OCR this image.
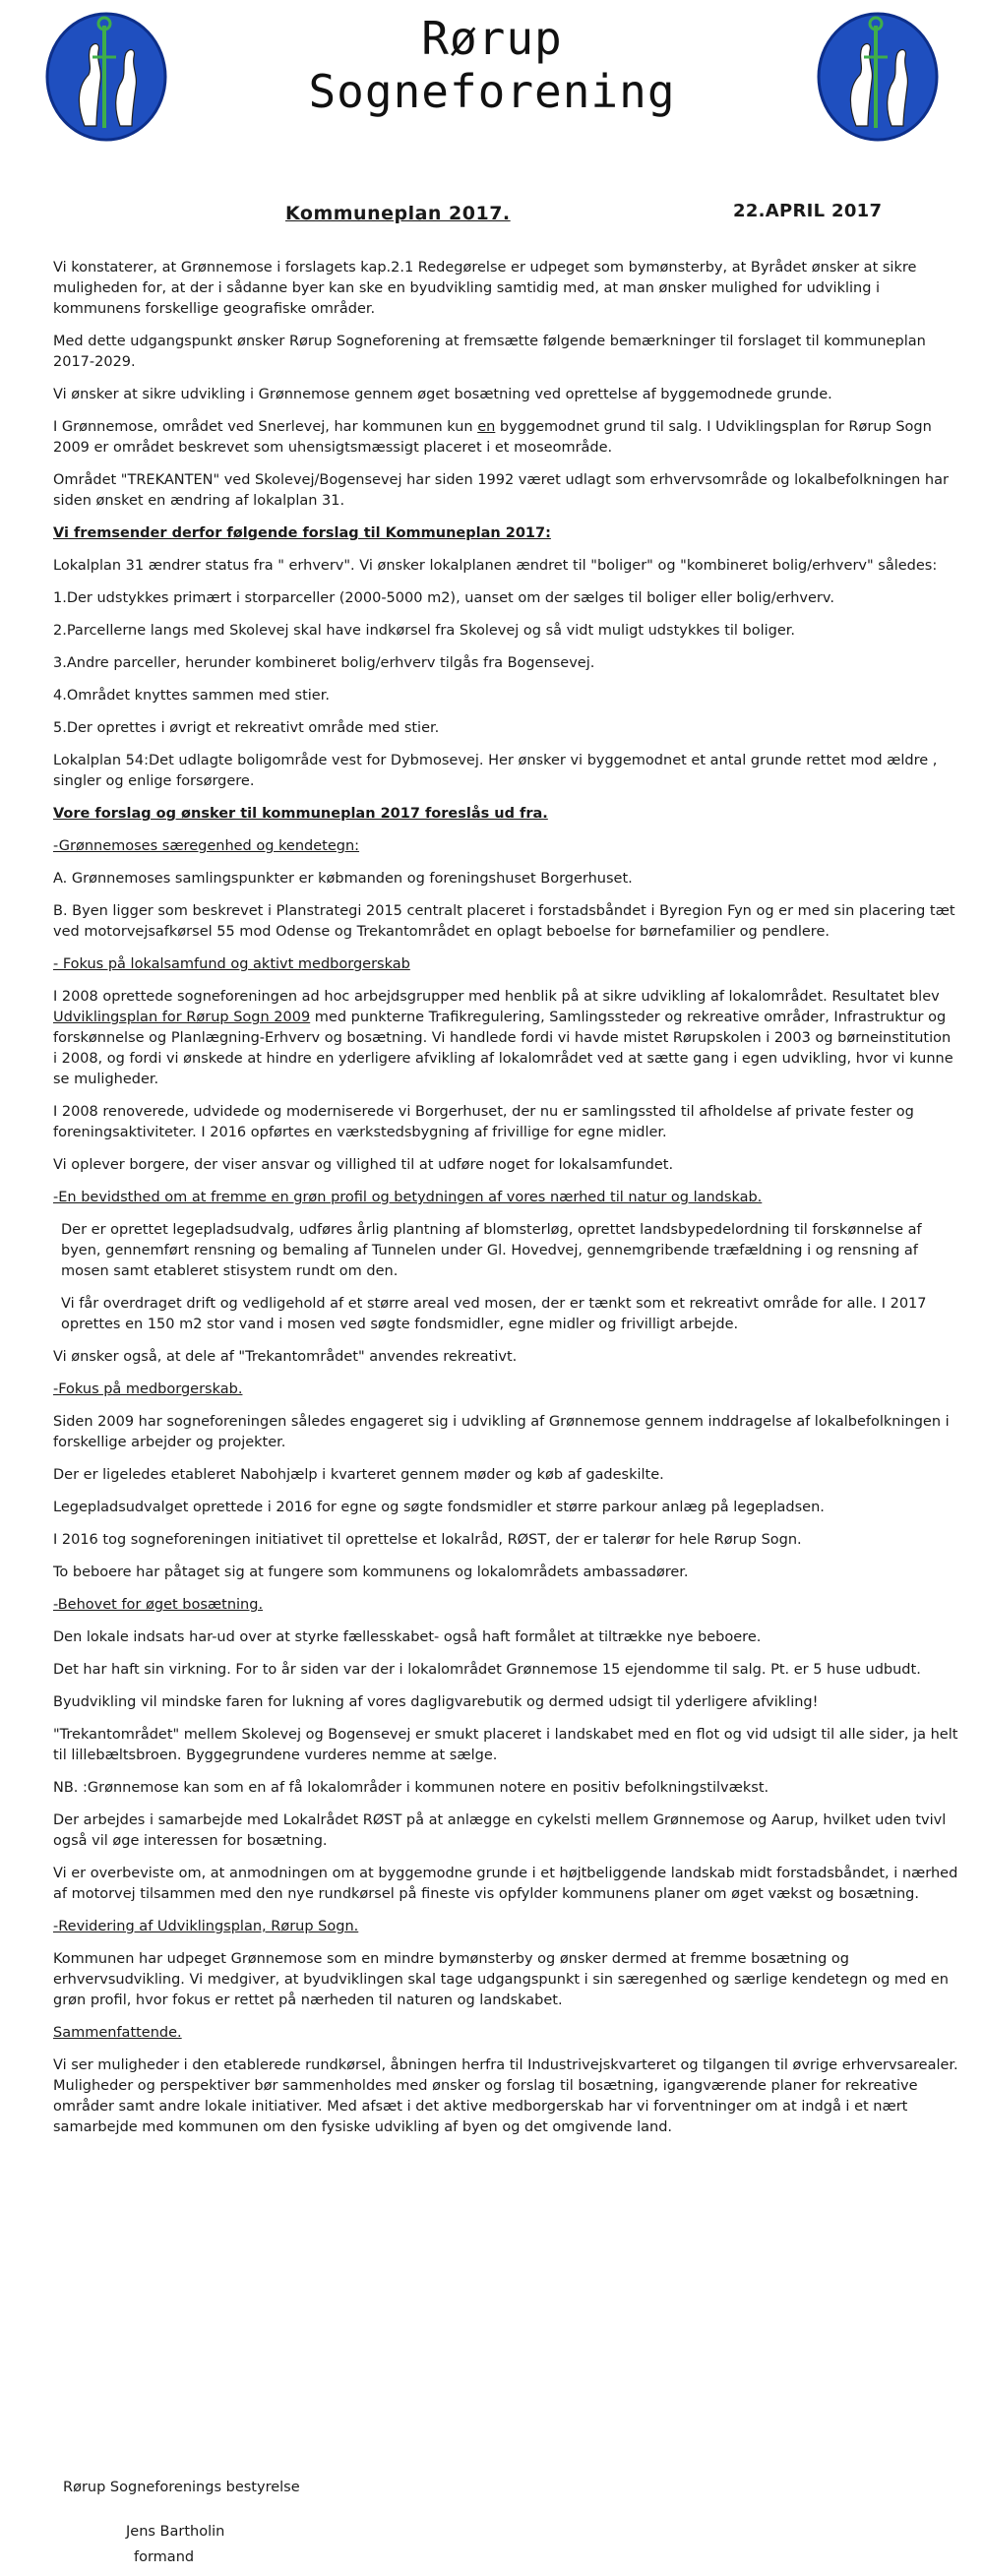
Rørup
Sogneforening
Kommuneplan 2017.	22.APRIL 2017

Vi konstaterer, at Grønnemose i forslagets kap.2.1 Redegørelse er udpeget som bymønsterby, at Byrådet ønsker at sikre muligheden for, at der i sådanne byer kan ske en byudvikling samtidig med, at man ønsker mulighed for udvikling i kommunens forskellige geografiske områder.

Med dette udgangspunkt ønsker Rørup Sogneforening at fremsætte følgende bemærkninger til forslaget til kommuneplan 2017-2029.

Vi ønsker at sikre udvikling i Grønnemose gennem øget bosætning ved oprettelse af byggemodnede grunde.

I Grønnemose, området ved Snerlevej, har kommunen kun en byggemodnet grund til salg. I Udviklingsplan for Rørup Sogn 2009 er området beskrevet som uhensigtsmæssigt placeret i et moseområde.

Området "TREKANTEN" ved Skolevej/Bogensevej har siden 1992 været udlagt som erhvervsområde og lokalbefolkningen har siden ønsket en ændring af lokalplan 31.

Vi fremsender derfor følgende forslag til Kommuneplan 2017:

Lokalplan 31 ændrer status fra " erhverv". Vi ønsker lokalplanen ændret til "boliger" og "kombineret bolig/erhverv" således:

1.Der udstykkes primært i storparceller (2000-5000 m2), uanset om der sælges til boliger eller bolig/erhverv.

2.Parcellerne langs med Skolevej skal have indkørsel fra Skolevej og så vidt muligt udstykkes til boliger.

3.Andre parceller, herunder kombineret bolig/erhverv tilgås fra Bogensevej.

4.Området knyttes sammen med stier.

5.Der oprettes i øvrigt et rekreativt område med stier.

Lokalplan 54:Det udlagte boligområde vest for Dybmosevej. Her ønsker vi byggemodnet et antal grunde rettet mod ældre , singler og enlige forsørgere.

Vore forslag og ønsker til kommuneplan 2017 foreslås ud fra.

-Grønnemoses særegenhed og kendetegn:

A. Grønnemoses samlingspunkter er købmanden og foreningshuset Borgerhuset.

B. Byen ligger som beskrevet i Planstrategi 2015 centralt placeret i forstadsbåndet i Byregion Fyn og er med sin placering tæt ved motorvejsafkørsel 55 mod Odense og Trekantområdet en oplagt beboelse for børnefamilier og pendlere.

- Fokus på lokalsamfund og aktivt medborgerskab

I 2008 oprettede sogneforeningen ad hoc arbejdsgrupper med henblik på at sikre udvikling af lokalområdet. Resultatet blev Udviklingsplan for Rørup Sogn 2009 med punkterne Trafikregulering, Samlingssteder og rekreative områder, Infrastruktur og forskønnelse og Planlægning-Erhverv og bosætning. Vi handlede fordi vi havde mistet Rørupskolen i 2003 og børneinstitution i 2008, og fordi vi ønskede at hindre en yderligere afvikling af lokalområdet ved at sætte gang i egen udvikling, hvor vi kunne se muligheder.

I 2008 renoverede, udvidede og moderniserede vi Borgerhuset, der nu er samlingssted til afholdelse af private fester og foreningsaktiviteter. I 2016 opførtes en værkstedsbygning af frivillige for egne midler.

Vi oplever borgere, der viser ansvar og villighed til at udføre noget for lokalsamfundet.

-En bevidsthed om at fremme en grøn profil og betydningen af vores nærhed til natur og landskab.

Der er oprettet legepladsudvalg, udføres årlig plantning af blomsterløg, oprettet landsbypedelordning til forskønnelse af byen, gennemført rensning og bemaling af Tunnelen under Gl. Hovedvej, gennemgribende træfældning i og rensning af mosen samt etableret stisystem rundt om den.

Vi får overdraget drift og vedligehold af et større areal ved mosen, der er tænkt som et rekreativt område for alle. I 2017 oprettes en 150 m2 stor vand i mosen ved søgte fondsmidler, egne midler og frivilligt arbejde.

Vi ønsker også, at dele af "Trekantområdet" anvendes rekreativt.

-Fokus på medborgerskab.

Siden 2009 har sogneforeningen således engageret sig i udvikling af Grønnemose gennem inddragelse af lokalbefolkningen i forskellige arbejder og projekter.

Der er ligeledes etableret Nabohjælp i kvarteret gennem møder og køb af gadeskilte.

Legepladsudvalget oprettede i 2016 for egne og søgte fondsmidler et større parkour anlæg på legepladsen.

I 2016 tog sogneforeningen initiativet til oprettelse et lokalråd, RØST, der er talerør for hele Rørup Sogn.

To beboere har påtaget sig at fungere som kommunens og lokalområdets ambassadører.

-Behovet for øget bosætning.

Den lokale indsats har-ud over at styrke fællesskabet- også haft formålet at tiltrække nye beboere.

Det har haft sin virkning. For to år siden var der i lokalområdet Grønnemose 15 ejendomme til salg. Pt. er 5 huse udbudt.

Byudvikling vil mindske faren for lukning af vores dagligvarebutik og dermed udsigt til yderligere afvikling!

"Trekantområdet" mellem Skolevej og Bogensevej er smukt placeret i landskabet med en flot og vid udsigt til alle sider, ja helt til lillebæltsbroen. Byggegrundene vurderes nemme at sælge.

NB. :Grønnemose kan som en af få lokalområder i kommunen notere en positiv befolkningstilvækst.

Der arbejdes i samarbejde med Lokalrådet RØST på at anlægge en cykelsti mellem Grønnemose og Aarup, hvilket uden tvivl også vil øge interessen for bosætning.

Vi er overbeviste om, at anmodningen om at byggemodne grunde i et højtbeliggende landskab midt forstadsbåndet, i nærhed af motorvej tilsammen med den nye rundkørsel på fineste vis opfylder kommunens planer om øget vækst og bosætning.

-Revidering af Udviklingsplan, Rørup Sogn.

Kommunen har udpeget Grønnemose som en mindre bymønsterby og ønsker dermed at fremme bosætning og erhvervsudvikling. Vi medgiver, at byudviklingen skal tage udgangspunkt i sin særegenhed og særlige kendetegn og med en grøn profil, hvor fokus er rettet på nærheden til naturen og landskabet.

Sammenfattende.

Vi ser muligheder i den etablerede rundkørsel, åbningen herfra til Industrivejskvarteret og tilgangen til øvrige erhvervsarealer. Muligheder og perspektiver bør sammenholdes med ønsker og forslag til bosætning, igangværende planer for rekreative områder samt andre lokale initiativer. Med afsæt i det aktive medborgerskab har vi forventninger om at indgå i et nært samarbejde med kommunen om den fysiske udvikling af byen og det omgivende land.

Rørup Sogneforenings bestyrelse
Jens Bartholin
formand
